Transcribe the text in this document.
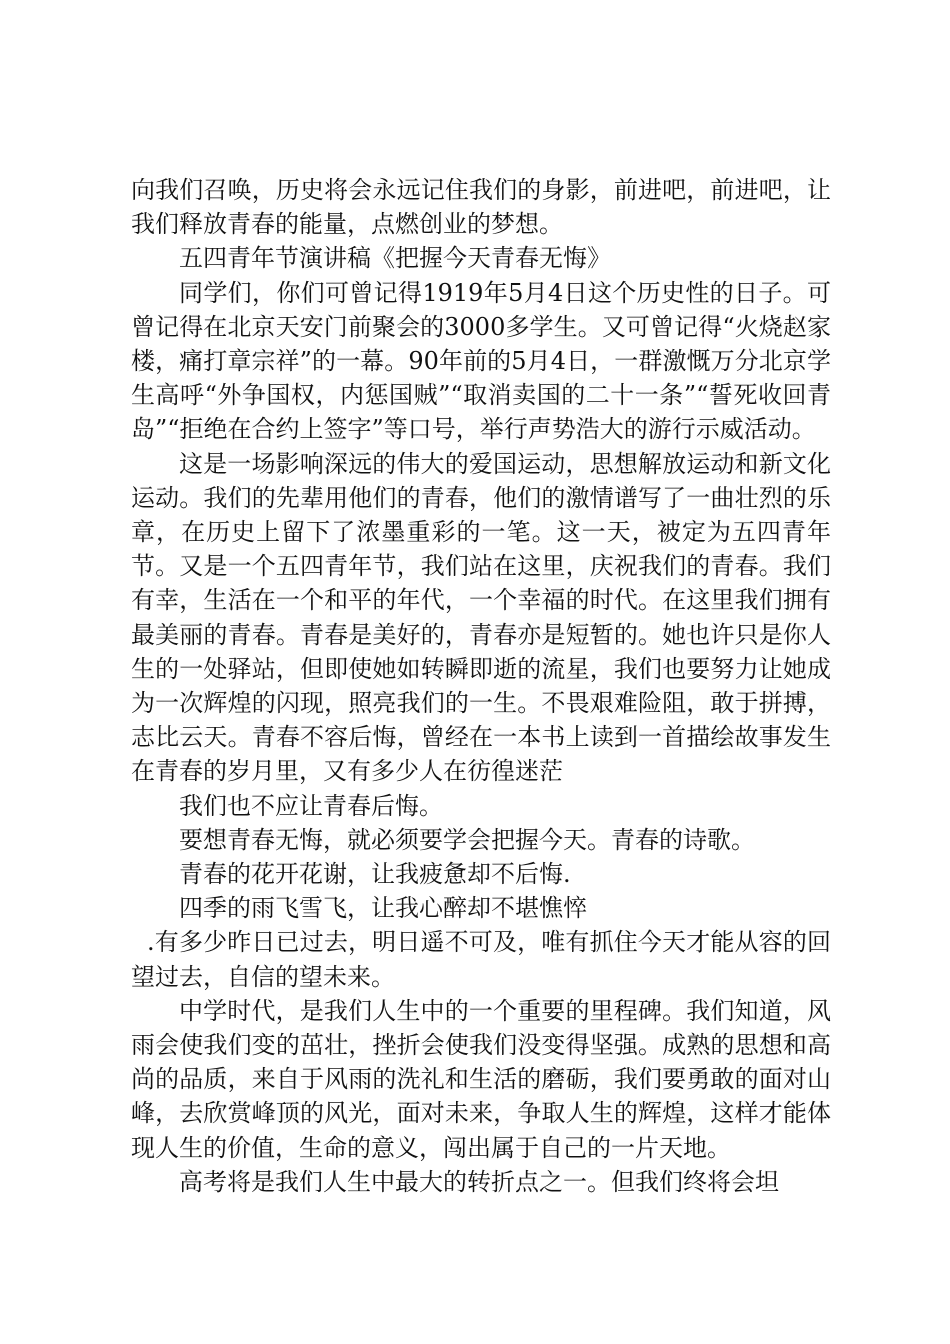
向我们召唤，历史将会永远记住我们的身影，前进吧，前进吧，让我们释放青春的能量，点燃创业的梦想。

五四青年节演讲稿《把握今天青春无悔》

同学们，你们可曾记得1919年5月4日这个历史性的日子。可曾记得在北京天安门前聚会的3000多学生。又可曾记得“火烧赵家楼，痛打章宗祥”的一幕。90年前的5月4日，一群激慨万分北京学生高呼“外争国权，内惩国贼”“取消卖国的二十一条”“誓死收回青岛”“拒绝在合约上签字”等口号，举行声势浩大的游行示威活动。

这是一场影响深远的伟大的爱国运动，思想解放运动和新文化运动。我们的先辈用他们的青春，他们的激情谱写了一曲壮烈的乐章，在历史上留下了浓墨重彩的一笔。这一天，被定为五四青年节。又是一个五四青年节，我们站在这里，庆祝我们的青春。我们有幸，生活在一个和平的年代，一个幸福的时代。在这里我们拥有最美丽的青春。青春是美好的，青春亦是短暂的。她也许只是你人生的一处驿站，但即使她如转瞬即逝的流星，我们也要努力让她成为一次辉煌的闪现，照亮我们的一生。不畏艰难险阻，敢于拼搏，志比云天。青春不容后悔，曾经在一本书上读到一首描绘故事发生在青春的岁月里，又有多少人在彷徨迷茫

我们也不应让青春后悔。

要想青春无悔，就必须要学会把握今天。青春的诗歌。

青春的花开花谢，让我疲惫却不后悔.

四季的雨飞雪飞，让我心醉却不堪憔悴

.有多少昨日已过去，明日遥不可及，唯有抓住今天才能从容的回望过去，自信的望未来。

中学时代，是我们人生中的一个重要的里程碑。我们知道，风雨会使我们变的茁壮，挫折会使我们没变得坚强。成熟的思想和高尚的品质，来自于风雨的洗礼和生活的磨砺，我们要勇敢的面对山峰，去欣赏峰顶的风光，面对未来，争取人生的辉煌，这样才能体现人生的价值，生命的意义，闯出属于自己的一片天地。

高考将是我们人生中最大的转折点之一。但我们终将会坦
